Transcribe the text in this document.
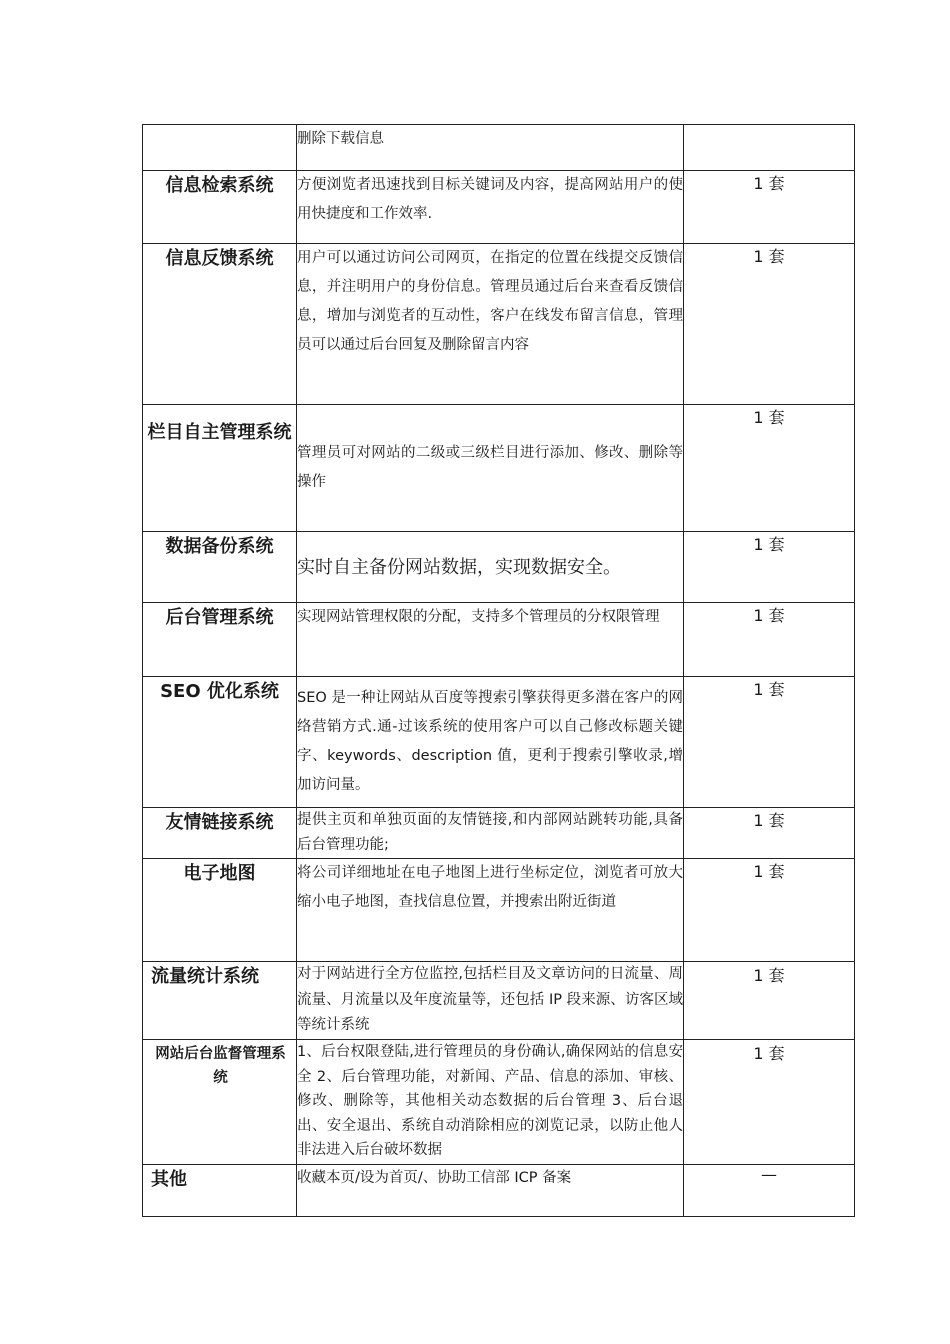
	删除下载信息	
信息检索系统	方便浏览者迅速找到目标关键词及内容，提高网站用户的使用快捷度和工作效率.	1 套
信息反馈系统	用户可以通过访问公司网页，在指定的位置在线提交反馈信息，并注明用户的身份信息。管理员通过后台来查看反馈信息，增加与浏览者的互动性，客户在线发布留言信息，管理员可以通过后台回复及删除留言内容	1 套
栏目自主管理系统	管理员可对网站的二级或三级栏目进行添加、修改、删除等操作	1 套
数据备份系统	实时自主备份网站数据，实现数据安全。	1 套
后台管理系统	实现网站管理权限的分配，支持多个管理员的分权限管理	1 套
SEO 优化系统	SEO 是一种让网站从百度等搜索引擎获得更多潜在客户的网络营销方式.通-过该系统的使用客户可以自己修改标题关键字、keywords、description 值，更利于搜索引擎收录,增加访问量。	1 套
友情链接系统	提供主页和单独页面的友情链接,和内部网站跳转功能,具备后台管理功能;	1 套
电子地图	将公司详细地址在电子地图上进行坐标定位，浏览者可放大缩小电子地图，查找信息位置，并搜索出附近街道	1 套
流量统计系统	对于网站进行全方位监控,包括栏目及文章访问的日流量、周流量、月流量以及年度流量等，还包括 IP 段来源、访客区域等统计系统	1 套
网站后台监督管理系统	1、后台权限登陆,进行管理员的身份确认,确保网站的信息安全 2、后台管理功能，对新闻、产品、信息的添加、审核、修改、删除等，其他相关动态数据的后台管理 3、后台退出、安全退出、系统自动消除相应的浏览记录，以防止他人非法进入后台破坏数据	1 套
其他	收藏本页/设为首页/、协助工信部 ICP 备案	—
